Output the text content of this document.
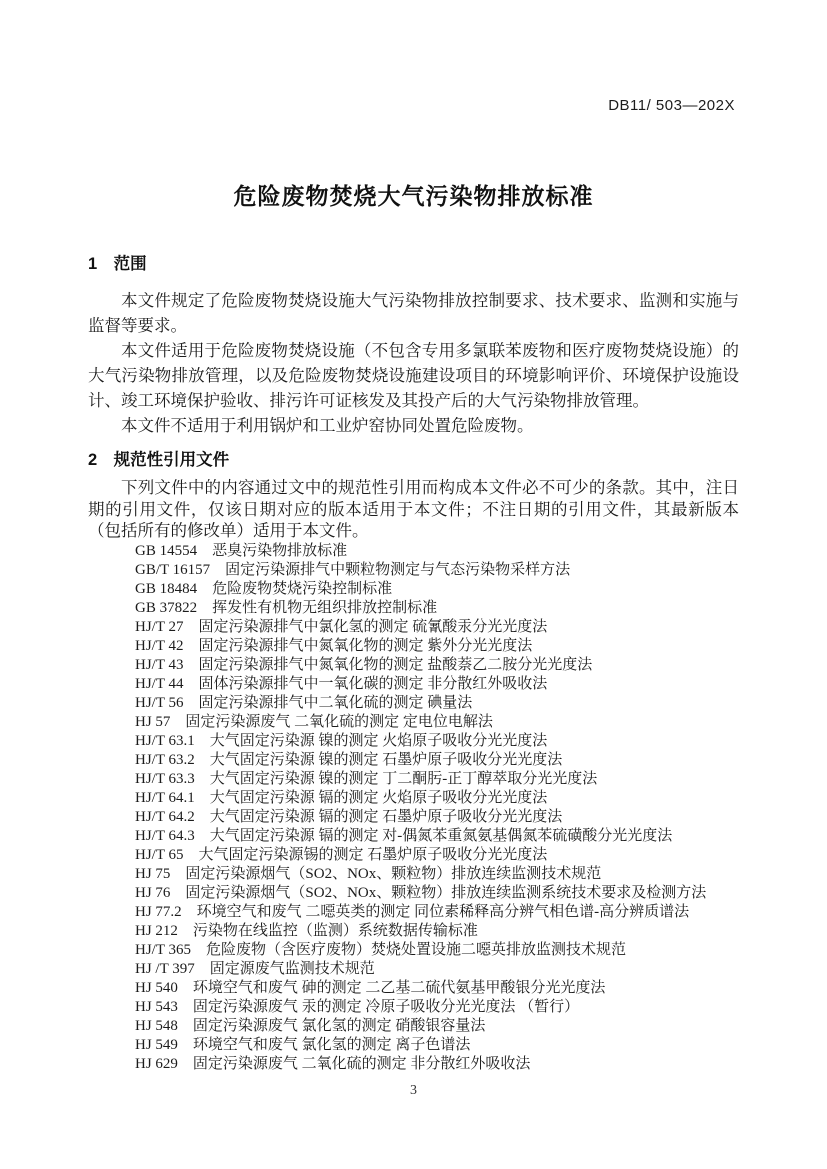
DB11/ 503—202X
危险废物焚烧大气污染物排放标准
1　范围

本文件规定了危险废物焚烧设施大气污染物排放控制要求、技术要求、监测和实施与监督等要求。

本文件适用于危险废物焚烧设施（不包含专用多氯联苯废物和医疗废物焚烧设施）的大气污染物排放管理，以及危险废物焚烧设施建设项目的环境影响评价、环境保护设施设计、竣工环境保护验收、排污许可证核发及其投产后的大气污染物排放管理。

本文件不适用于利用锅炉和工业炉窑协同处置危险废物。

2　规范性引用文件
下列文件中的内容通过文中的规范性引用而构成本文件必不可少的条款。其中，注日期的引用文件，仅该日期对应的版本适用于本文件；不注日期的引用文件，其最新版本（包括所有的修改单）适用于本文件。
GB 14554　恶臭污染物排放标准
GB/T 16157　固定污染源排气中颗粒物测定与气态污染物采样方法
GB 18484　危险废物焚烧污染控制标准
GB 37822　挥发性有机物无组织排放控制标准
HJ/T 27　固定污染源排气中氯化氢的测定 硫氰酸汞分光光度法
HJ/T 42　固定污染源排气中氮氧化物的测定 紫外分光光度法
HJ/T 43　固定污染源排气中氮氧化物的测定 盐酸萘乙二胺分光光度法
HJ/T 44　固体污染源排气中一氧化碳的测定 非分散红外吸收法
HJ/T 56　固定污染源排气中二氧化硫的测定 碘量法
HJ 57　固定污染源废气 二氧化硫的测定 定电位电解法
HJ/T 63.1　大气固定污染源 镍的测定 火焰原子吸收分光光度法
HJ/T 63.2　大气固定污染源 镍的测定 石墨炉原子吸收分光光度法
HJ/T 63.3　大气固定污染源 镍的测定 丁二酮肟-正丁醇萃取分光光度法
HJ/T 64.1　大气固定污染源 镉的测定 火焰原子吸收分光光度法
HJ/T 64.2　大气固定污染源 镉的测定 石墨炉原子吸收分光光度法
HJ/T 64.3　大气固定污染源 镉的测定 对-偶氮苯重氮氨基偶氮苯硫磺酸分光光度法
HJ/T 65　大气固定污染源锡的测定 石墨炉原子吸收分光光度法
HJ 75　固定污染源烟气（SO2、NOx、颗粒物）排放连续监测技术规范
HJ 76　固定污染源烟气（SO2、NOx、颗粒物）排放连续监测系统技术要求及检测方法
HJ 77.2　环境空气和废气 二噁英类的测定 同位素稀释高分辨气相色谱-高分辨质谱法
HJ 212　污染物在线监控（监测）系统数据传输标准
HJ/T 365　危险废物（含医疗废物）焚烧处置设施二噁英排放监测技术规范
HJ /T 397　固定源废气监测技术规范
HJ 540　环境空气和废气 砷的测定 二乙基二硫代氨基甲酸银分光光度法
HJ 543　固定污染源废气 汞的测定 冷原子吸收分光光度法 （暂行）
HJ 548　固定污染源废气 氯化氢的测定 硝酸银容量法
HJ 549　环境空气和废气 氯化氢的测定 离子色谱法
HJ 629　固定污染源废气 二氧化硫的测定 非分散红外吸收法
3
